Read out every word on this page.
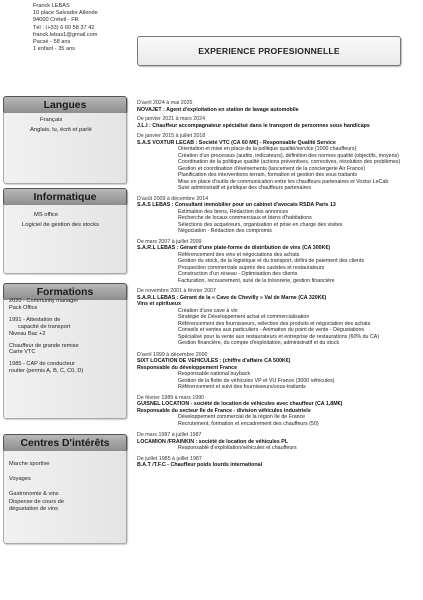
Franck LEBAS
10 place Salvador Allende
94000 Créteil - FR
Tél : (+33) 6 60 58 37 42
franck.lebas1@gmail.com
Pacsé - 58 ans
1 enfant - 35 ans	EXPERIENCE PROFESIONNELLE
Langues
Français
Anglais, lu, écrit et parlé
Informatique
MS office
Logiciel de gestion des stocks
Formations
2020 - Community manager
Pack Office
1991 - Attestation de
capacité de transport
Niveau Bac +2
Chauffeur de grande remise
Carte VTC
1985 - CAP de conducteur
routier (permis A, B, C, C0, D)
Centres D'intérêts
Marche sportive
Voyages
Gastronomie & vins
Dispense de cours de
dégustation de vins
D'avril 2024 à mai 2025
NOVAJET : Agent d'exploitation en station de lavage automobile
De janvier 2021 à mars 2024
J.L.I : Chauffeur accompagnateur spécialisé dans le transport de personnes sous handicaps
De janvier 2015 à juillet 2018
S.A.S VOXTUR LECAB : Société VTC (CA 60 M€) - Responsable Qualité Service
Orientation et mise en place de la politique qualité/service (1000 chauffeurs)
Création d'un processus (audits, indicateurs), définition des normes qualité (objectifs, moyens)
Coordination de la politique qualité (actions préventives, correctives, résolution des problèmes)
Gestion et coordination d'événements (lancement de la conciergerie Air France)
Planification des interventions terrain, formation et gestion des sous traitants
Mise en place d'outils de communication entre les chauffeurs partenaires et Voxtur LeCab
Suivi administratif et juridique des chauffeurs partenaires
D'août 2009 à décembre 2014
S.A.S LEBAS : Consultant immobilier pour un cabinet d'avocats RSDA Paris 13
Estimation des biens, Rédaction des annonces
Recherche de locaux commerciaux et biens d'habitations
Sélections des acquéreurs, organisation et prise en charge des visites
Négociation - Rédaction des compromis
De mars 2007 à juillet 2009
S.A.R.L LEBAS : Gérant d'une plate-forme de distribution de vins (CA 300K€)
Référencement des vins et négociations des achats
Gestion du stock, de la logistique et du transport, défini de paiement des clients
Prospection commerciale auprès des cavistes et restaurateurs
Construction d'un réseau - Optimisation des clients
Facturation, recouvrement, suivi de la trésorerie, gestion financière
De novembre 2001 à février 2007
S.A.R.L LEBAS : Gérant de la « Cave de Chevilly » Val de Marne (CA 320K€)
Vins et spiritueux
Création d'une cave à vin
Stratégie de Développement achat et commercialisation
Référencement des fournisseurs, sélection des produits et négociation des achats
Conseils et ventes aux particuliers - Animation du point de vente - Dégustations
Spécialisé pour la vente aux restaurateurs et entreprise de restaurations (60% du CA)
Gestion financière, du compte d'exploitation, administratif et du stock
D'avril 1999 à décembre 2000
SIXT LOCATION DE VEHICULES : (chiffre d'affaire CA 500K€)
Responsable du développement France
Responsable national buyback
Gestion de la flotte de véhicules VP et VU France (3000 véhicules)
Référencement et suivi des fournisseurs/sous-traitants
De février 1989 à mars 1990
GUISNEL LOCATION - société de location de véhicules avec chauffeur (CA 1,8M€)
Responsable du secteur Ile de France - division véhicules industriels
Développement commercial de la région Ile de France
Recrutement, formation et encadrement des chauffeurs (50)
De mars 1987 à juillet 1987
LOCAMION /FRAINKIN : société de location de véhicules PL
Responsable d'exploitation/véhicules et chauffeurs
De juillet 1985 à juillet 1987
B.A.T /T.F.C - Chauffeur poids lourds international
